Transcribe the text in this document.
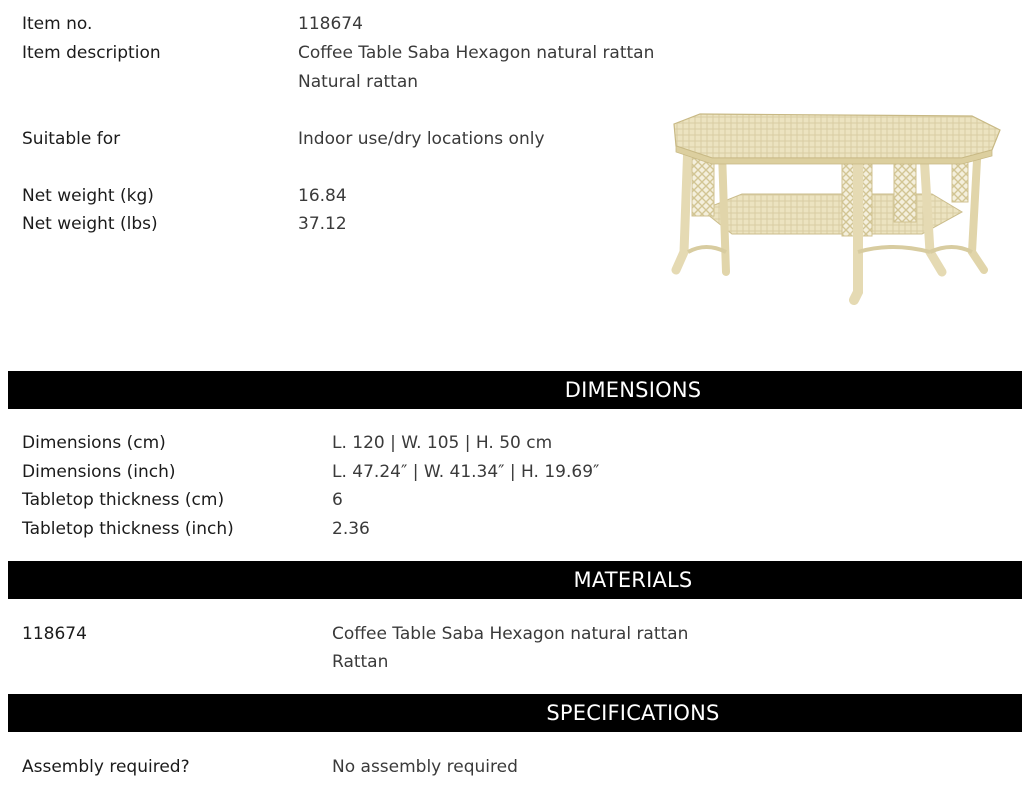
Item no.	118674
Item description	Coffee Table Saba Hexagon natural rattan
Natural rattan
Suitable for	Indoor use/dry locations only
Net weight (kg)	16.84
Net weight (lbs)	37.12
DIMENSIONS
Dimensions (cm)	L. 120 | W. 105 | H. 50 cm
Dimensions (inch)	L. 47.24″ | W. 41.34″ | H. 19.69″
Tabletop thickness (cm)	6
Tabletop thickness (inch)	2.36
MATERIALS
118674	Coffee Table Saba Hexagon natural rattan
Rattan
SPECIFICATIONS
Assembly required?	No assembly required
